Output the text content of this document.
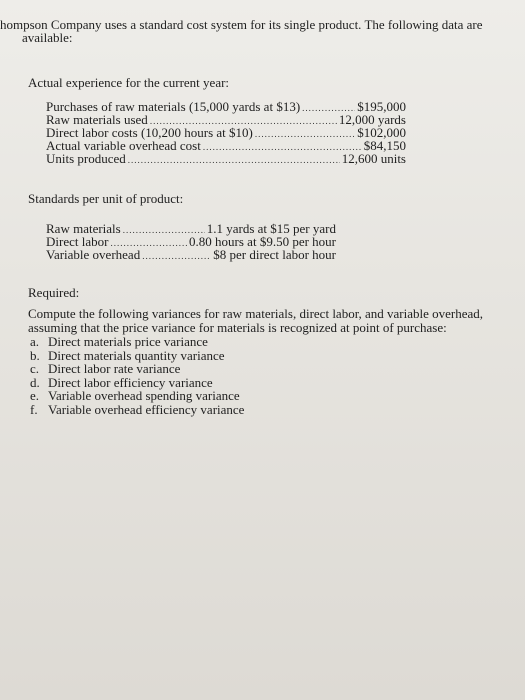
hompson Company uses a standard cost system for its single product. The following data are
available:
Actual experience for the current year:
Purchases of raw materials (15,000 yards at $13) .....	$195,000
Raw materials used .....	12,000 yards
Direct labor costs (10,200 hours at $10) .....	$102,000
Actual variable overhead cost .....	$84,150
Units produced .....	12,600 units
Standards per unit of product:
Raw materials .....	1.1 yards at $15 per yard
Direct labor .....	0.80 hours at $9.50 per hour
Variable overhead .....	$8 per direct labor hour
Required:
Compute the following variances for raw materials, direct labor, and variable overhead, assuming that the price variance for materials is recognized at point of purchase:
a. Direct materials price variance
b. Direct materials quantity variance
c. Direct labor rate variance
d. Direct labor efficiency variance
e. Variable overhead spending variance
f. Variable overhead efficiency variance
